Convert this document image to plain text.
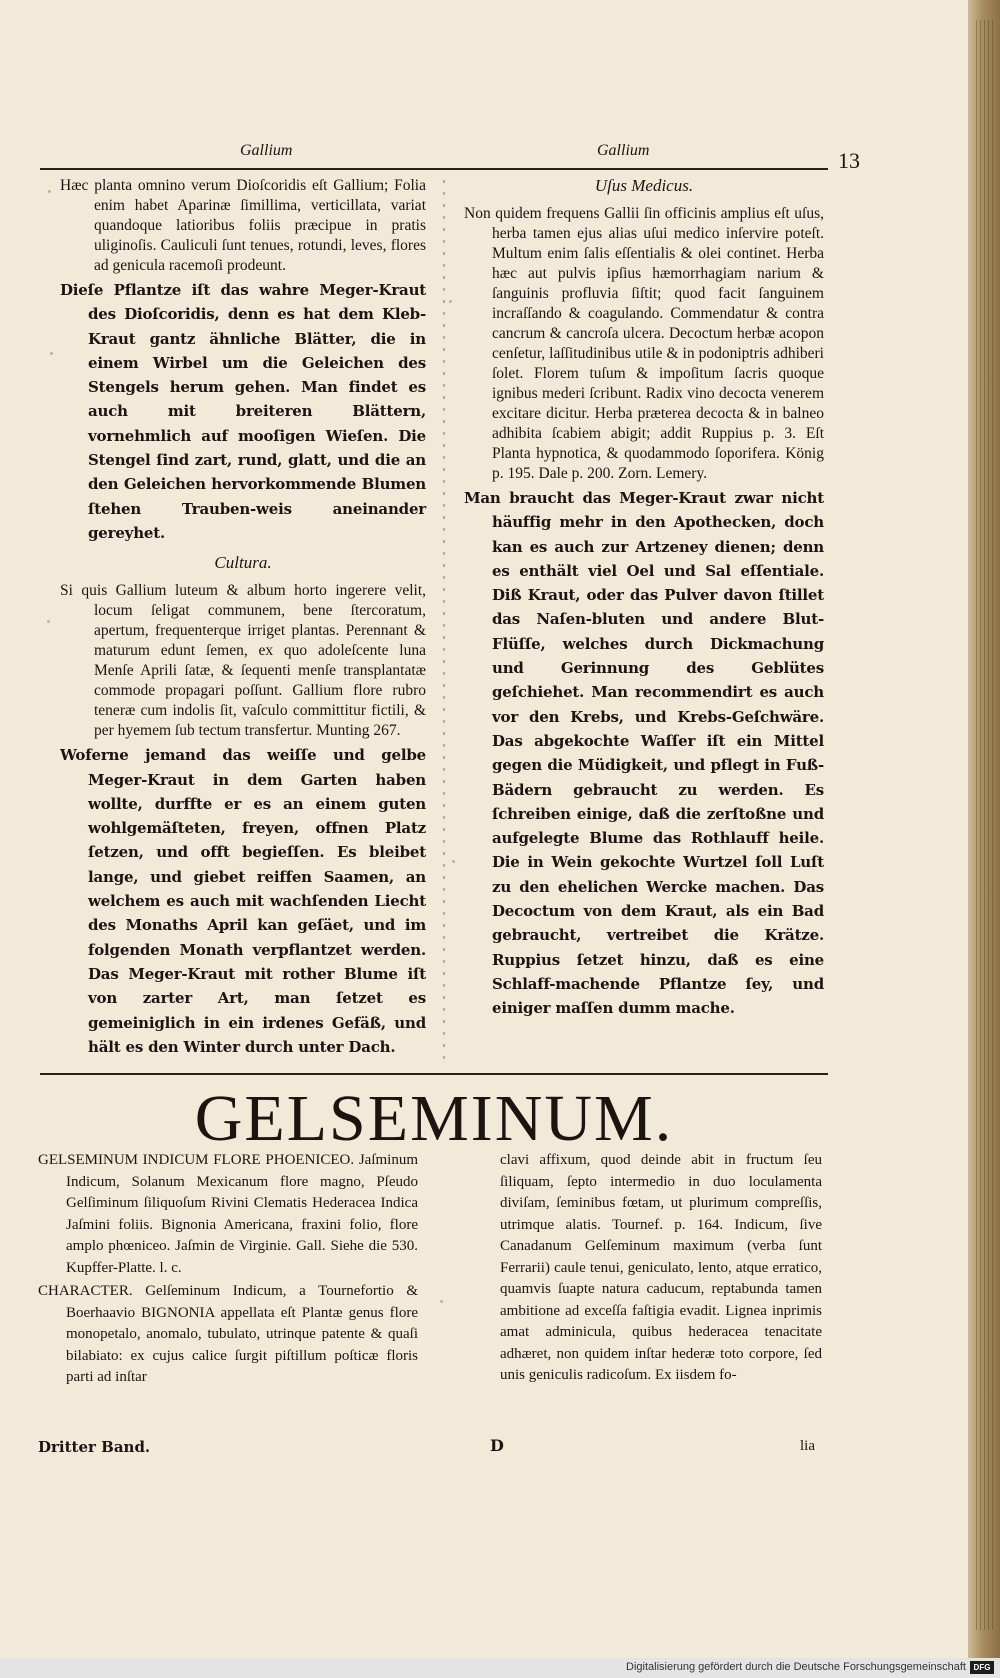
Gallium	Gallium	13

Hæc planta omnino verum Dioſcoridis eſt Gallium; Folia enim habet Aparinæ ſimillima, verticillata, variat quandoque latioribus foliis præcipue in pratis uliginoſis. Cauliculi ſunt tenues, rotundi, leves, flores ad genicula racemoſi prodeunt.

Dieſe Pflantze iſt das wahre Meger-Kraut des Dioſcoridis, denn es hat dem Kleb-Kraut gantz ähnliche Blätter, die in einem Wirbel um die Geleichen des Stengels herum gehen. Man findet es auch mit breiteren Blättern, vornehmlich auf mooſigen Wieſen. Die Stengel ſind zart, rund, glatt, und die an den Geleichen hervorkommende Blumen ſtehen Trauben-weis aneinander gereyhet.

Cultura.

Si quis Gallium luteum & album horto ingerere velit, locum ſeligat communem, bene ſtercoratum, apertum, frequenterque irriget plantas. Perennant & maturum edunt ſemen, ex quo adoleſcente luna Menſe Aprili ſatæ, & ſequenti menſe transplantatæ commode propagari poſſunt. Gallium flore rubro teneræ cum indolis ſit, vaſculo committitur fictili, & per hyemem ſub tectum transfertur. Munting 267.

Woferne jemand das weiſſe und gelbe Meger-Kraut in dem Garten haben wollte, durffte er es an einem guten wohlgemäſteten, freyen, offnen Platz ſetzen, und offt begieſſen. Es bleibet lange, und giebet reiffen Saamen, an welchem es auch mit wachſenden Liecht des Monaths April kan geſäet, und im folgenden Monath verpflantzet werden. Das Meger-Kraut mit rother Blume iſt von zarter Art, man ſetzet es gemeiniglich in ein irdenes Gefäß, und hält es den Winter durch unter Dach.

Uſus Medicus.

Non quidem frequens Gallii ſin officinis amplius eſt uſus, herba tamen ejus alias uſui medico inſervire poteſt. Multum enim ſalis eſſentialis & olei continet. Herba hæc aut pulvis ipſius hæmorrhagiam narium & ſanguinis profluvia ſiſtit; quod facit ſanguinem incraſſando & coagulando. Commendatur & contra cancrum & cancroſa ulcera. Decoctum herbæ acopon cenſetur, laſſitudinibus utile & in podoniptris adhiberi ſolet. Florem tuſum & impoſitum ſacris quoque ignibus mederi ſcribunt. Radix vino decocta venerem excitare dicitur. Herba præterea decocta & in balneo adhibita ſcabiem abigit; addit Ruppius p. 3. Eſt Planta hypnotica, & quodammodo ſoporifera. König p. 195. Dale p. 200. Zorn. Lemery.

Man braucht das Meger-Kraut zwar nicht häuffig mehr in den Apothecken, doch kan es auch zur Artzeney dienen; denn es enthält viel Oel und Sal eſſentiale. Diß Kraut, oder das Pulver davon ſtillet das Naſen-bluten und andere Blut-Flüſſe, welches durch Dickmachung und Gerinnung des Geblütes geſchiehet. Man recommendirt es auch vor den Krebs, und Krebs-Geſchwäre. Das abgekochte Waſſer iſt ein Mittel gegen die Müdigkeit, und pflegt in Fuß-Bädern gebraucht zu werden. Es ſchreiben einige, daß die zerſtoßne und aufgelegte Blume das Rothlauff heile. Die in Wein gekochte Wurtzel ſoll Luſt zu den ehelichen Wercke machen. Das Decoctum von dem Kraut, als ein Bad gebraucht, vertreibet die Krätze. Ruppius ſetzet hinzu, daß es eine Schlaff-machende Pflantze ſey, und einiger maſſen dumm mache.

GELSEMINUM.

GELSEMINUM INDICUM FLORE PHOENICEO. Jaſminum Indicum, Solanum Mexicanum flore magno, Pſeudo Gelſiminum ſiliquoſum Rivini Clematis Hederacea Indica Jaſmini foliis. Bignonia Americana, fraxini folio, flore amplo phœniceo. Jaſmin de Virginie. Gall. Siehe die 530. Kupffer-Platte. l. c.

CHARACTER. Gelſeminum Indicum, a Tournefortio & Boerhaavio BIGNONIA appellata eſt Plantæ genus flore monopetalo, anomalo, tubulato, utrinque patente & quaſi bilabiato: ex cujus calice ſurgit piſtillum poſticæ floris parti ad inſtar

clavi affixum, quod deinde abit in fructum ſeu ſiliquam, ſepto intermedio in duo loculamenta diviſam, ſeminibus fœtam, ut plurimum compreſſis, utrimque alatis. Tournef. p. 164. Indicum, ſive Canadanum Gelſeminum maximum (verba ſunt Ferrarii) caule tenui, geniculato, lento, atque erratico, quamvis ſuapte natura caducum, reptabunda tamen ambitione ad exceſſa faſtigia evadit. Lignea inprimis amat adminicula, quibus hederacea tenacitate adhæret, non quidem inſtar hederæ toto corpore, ſed unis geniculis radicoſum. Ex iisdem fo-

Dritter Band.	D	lia
Digitalisierung gefördert durch die Deutsche Forschungsgemeinschaft DFG
